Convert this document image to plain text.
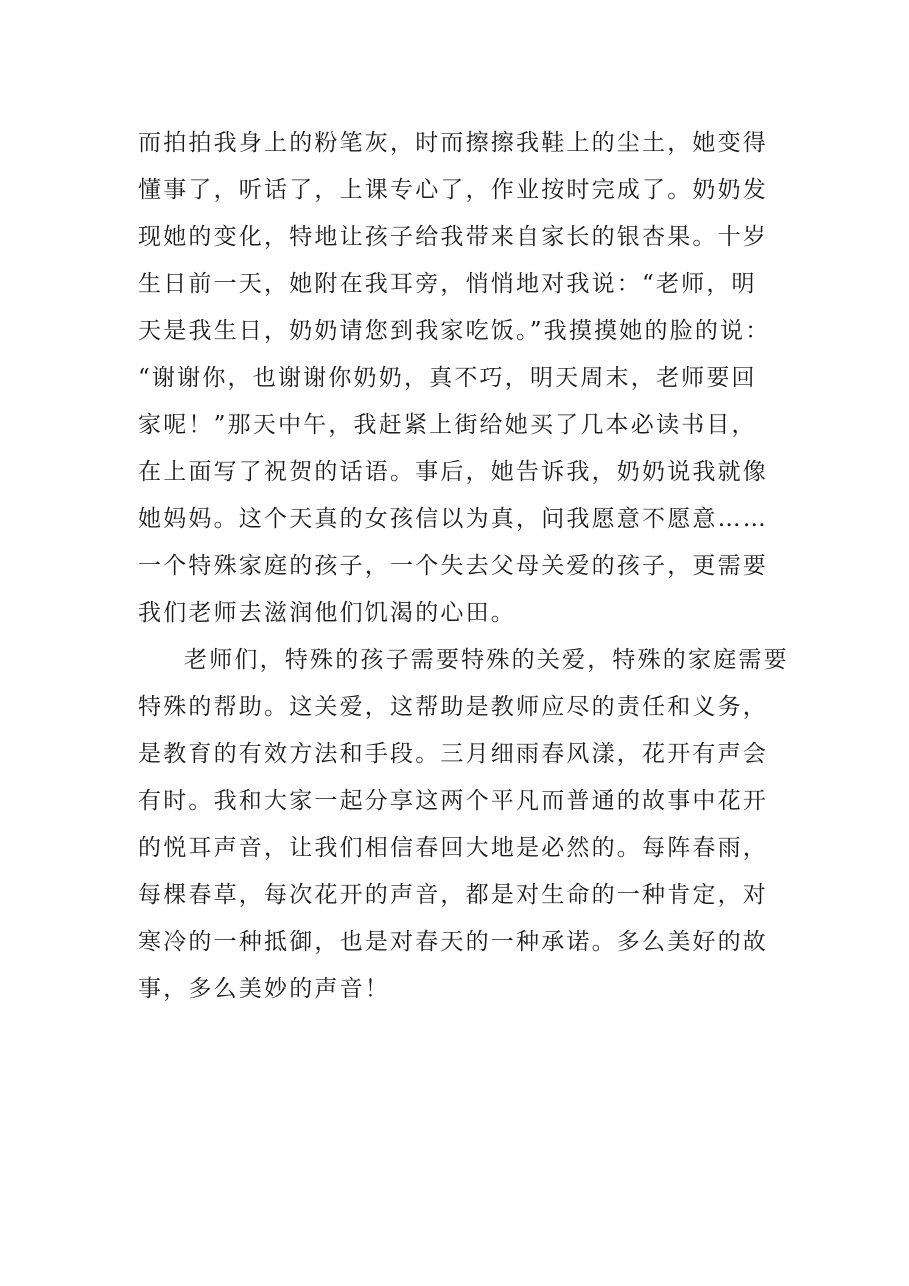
而拍拍我身上的粉笔灰，时而擦擦我鞋上的尘土，她变得
懂事了，听话了，上课专心了，作业按时完成了。奶奶发
现她的变化，特地让孩子给我带来自家长的银杏果。十岁
生日前一天，她附在我耳旁，悄悄地对我说：“老师，明
天是我生日，奶奶请您到我家吃饭。”我摸摸她的脸的说：
“谢谢你，也谢谢你奶奶，真不巧，明天周末，老师要回
家呢！”那天中午，我赶紧上街给她买了几本必读书目，
在上面写了祝贺的话语。事后，她告诉我，奶奶说我就像
她妈妈。这个天真的女孩信以为真，问我愿意不愿意……
一个特殊家庭的孩子，一个失去父母关爱的孩子，更需要
我们老师去滋润他们饥渴的心田。
老师们，特殊的孩子需要特殊的关爱，特殊的家庭需要
特殊的帮助。这关爱，这帮助是教师应尽的责任和义务，
是教育的有效方法和手段。三月细雨春风漾，花开有声会
有时。我和大家一起分享这两个平凡而普通的故事中花开
的悦耳声音，让我们相信春回大地是必然的。每阵春雨，
每棵春草，每次花开的声音，都是对生命的一种肯定，对
寒冷的一种抵御，也是对春天的一种承诺。多么美好的故
事，多么美妙的声音！
